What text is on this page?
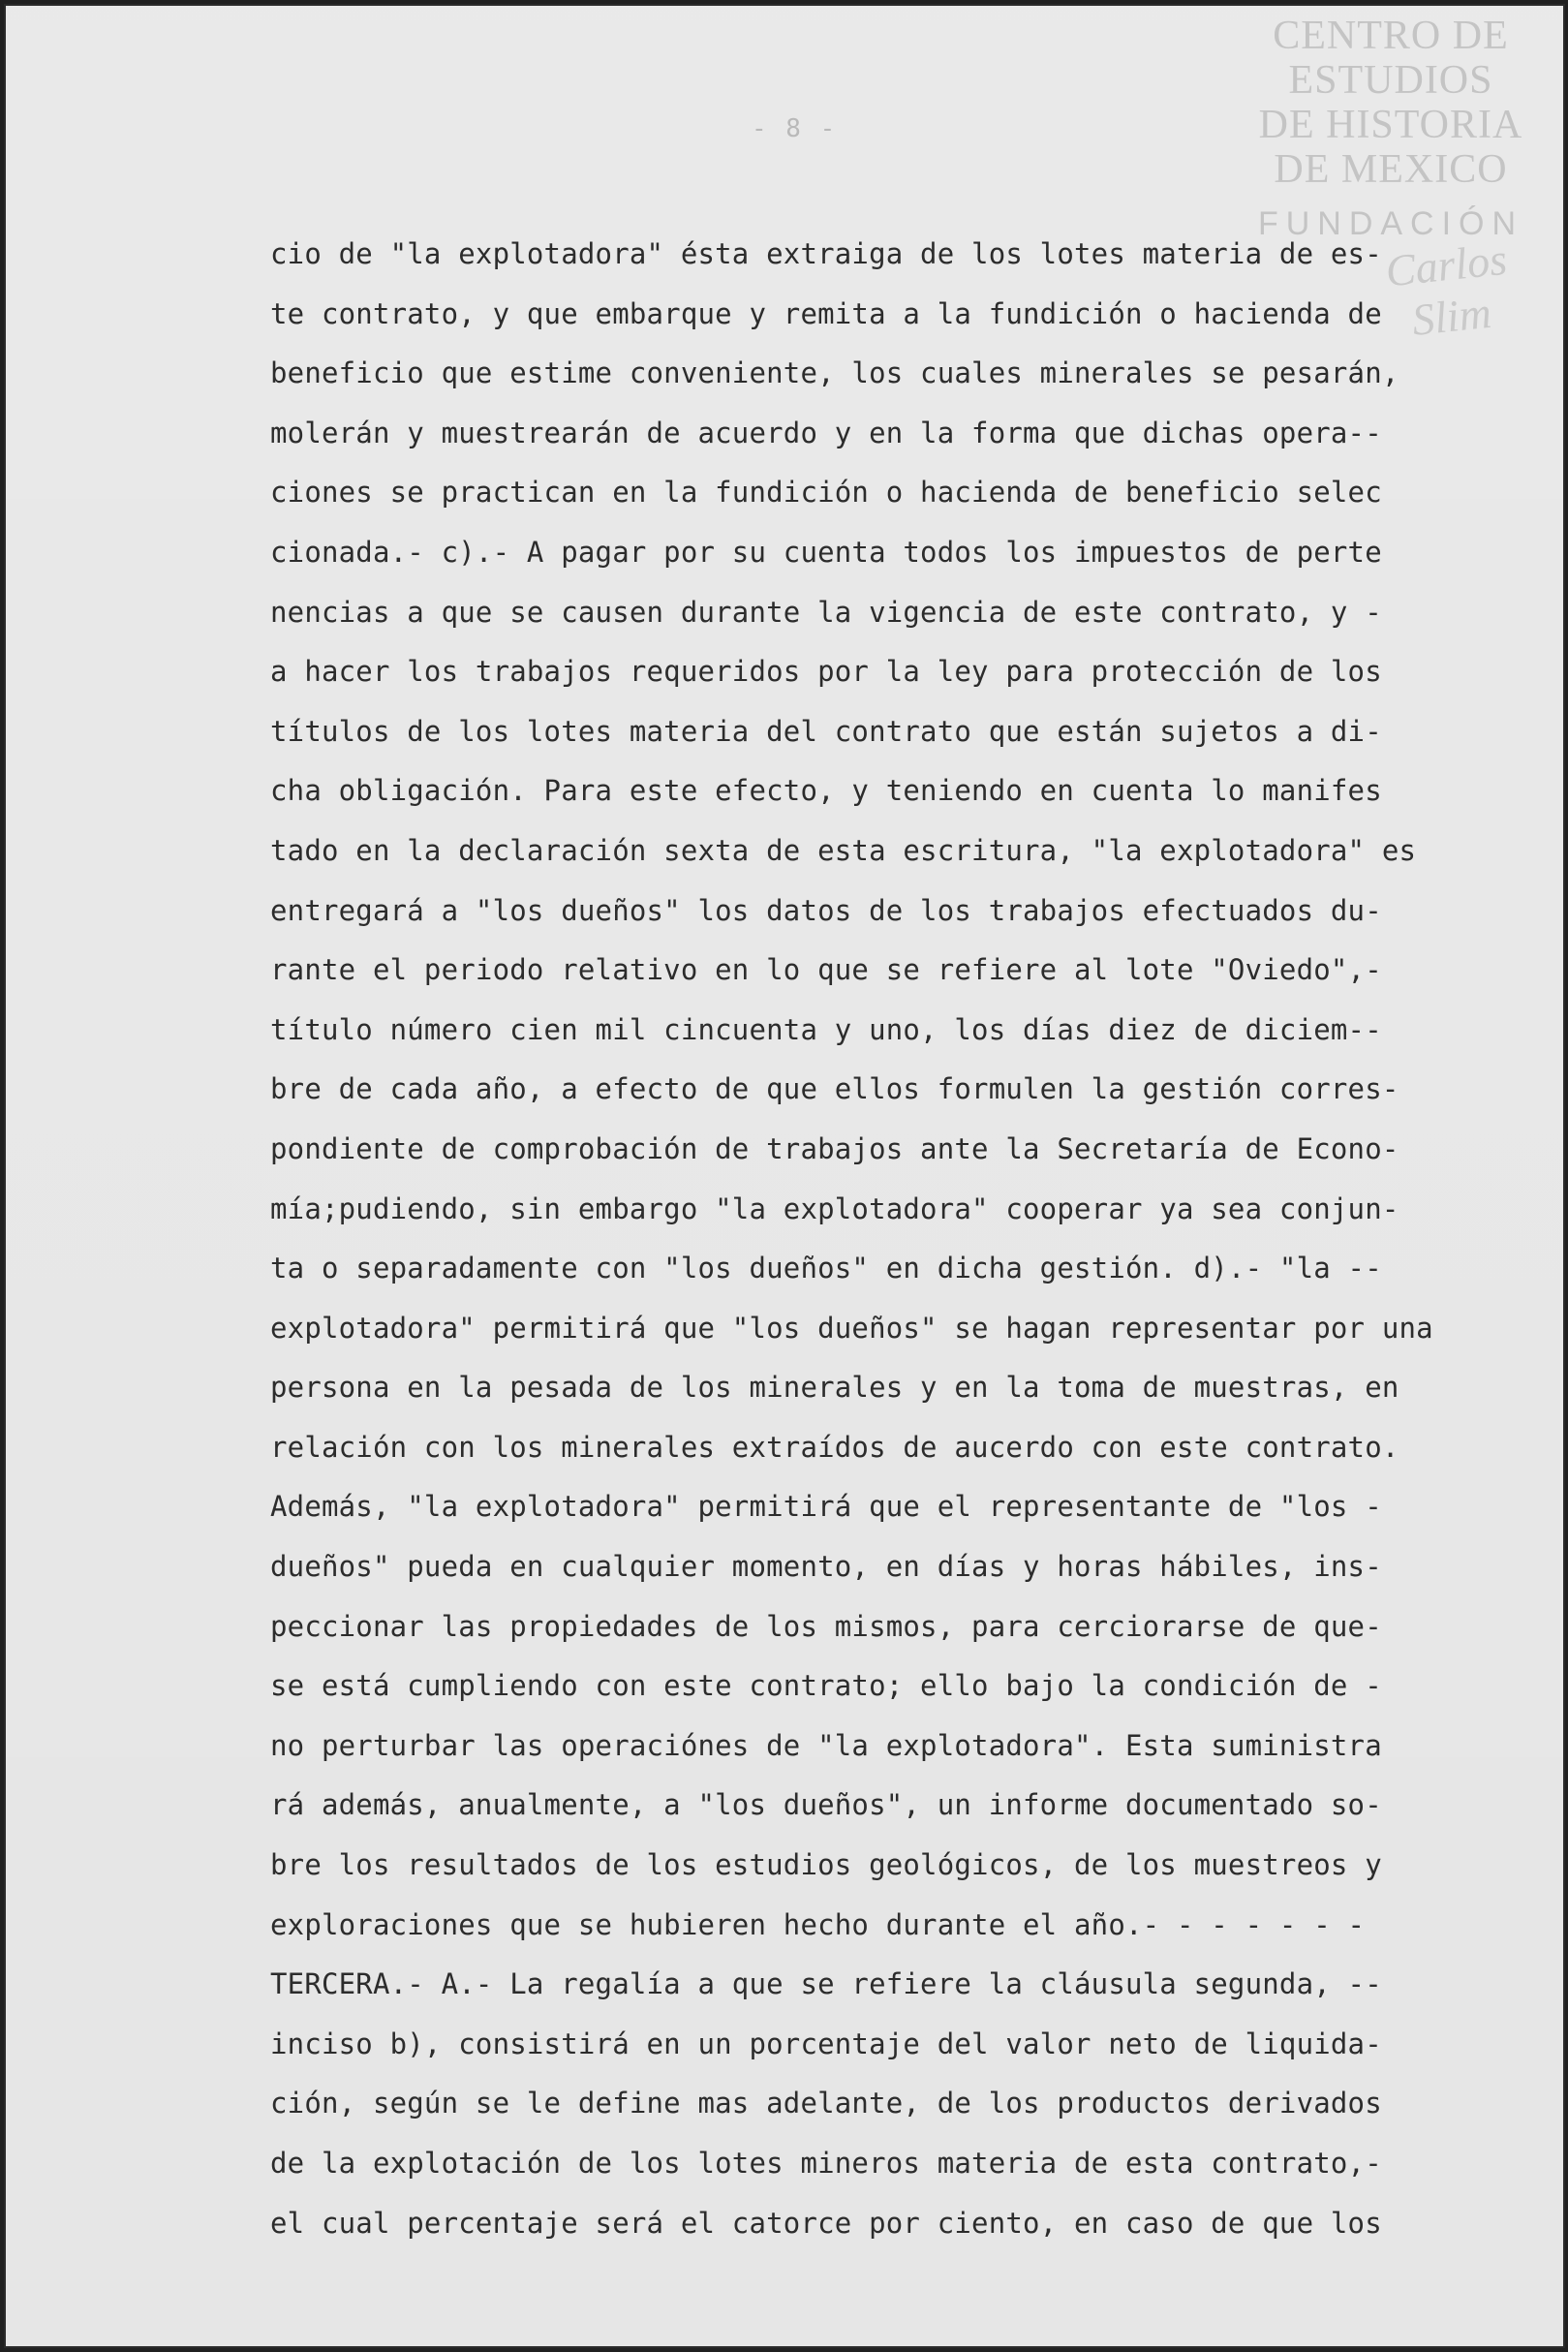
- 8 -
CENTRO DE
ESTUDIOS
DE HISTORIA
DE MEXICO
FUNDACIÓN
Carlos Slim
cio de "la explotadora" ésta extraiga de los lotes materia de es-
te contrato, y que embarque y remita a la fundición o hacienda de
beneficio que estime conveniente, los cuales minerales se pesarán,
molerán y muestrearán de acuerdo y en la forma que dichas opera--
ciones se practican en la fundición o hacienda de beneficio selec
cionada.- c).- A pagar por su cuenta todos los impuestos de perte
nencias a que se causen durante la vigencia de este contrato, y -
a hacer los trabajos requeridos por la ley para protección de los
títulos de los lotes materia del contrato que están sujetos a di-
cha obligación. Para este efecto, y teniendo en cuenta lo manifes
tado en la declaración sexta de esta escritura, "la explotadora" es
entregará a "los dueños" los datos de los trabajos efectuados du-
rante el periodo relativo en lo que se refiere al lote "Oviedo",-
título número cien mil cincuenta y uno, los días diez de diciem--
bre de cada año, a efecto de que ellos formulen la gestión corres-
pondiente de comprobación de trabajos ante la Secretaría de Econo-
mía;pudiendo, sin embargo "la explotadora" cooperar ya sea conjun-
ta o separadamente con "los dueños" en dicha gestión. d).- "la --
explotadora" permitirá que "los dueños" se hagan representar por una
persona en la pesada de los minerales y en la toma de muestras, en
relación con los minerales extraídos de aucerdo con este contrato.
Además, "la explotadora" permitirá que el representante de "los -
dueños" pueda en cualquier momento, en días y horas hábiles, ins-
peccionar las propiedades de los mismos, para cerciorarse de que-
se está cumpliendo con este contrato; ello bajo la condición de -
no perturbar las operaciónes de "la explotadora". Esta suministra
rá además, anualmente, a "los dueños", un informe documentado so-
bre los resultados de los estudios geológicos, de los muestreos y
exploraciones que se hubieren hecho durante el año.- - - - - - -
TERCERA.- A.- La regalía a que se refiere la cláusula segunda, --
inciso b), consistirá en un porcentaje del valor neto de liquida-
ción, según se le define mas adelante, de los productos derivados
de la explotación de los lotes mineros materia de esta contrato,-
el cual percentaje será el catorce por ciento, en caso de que los
